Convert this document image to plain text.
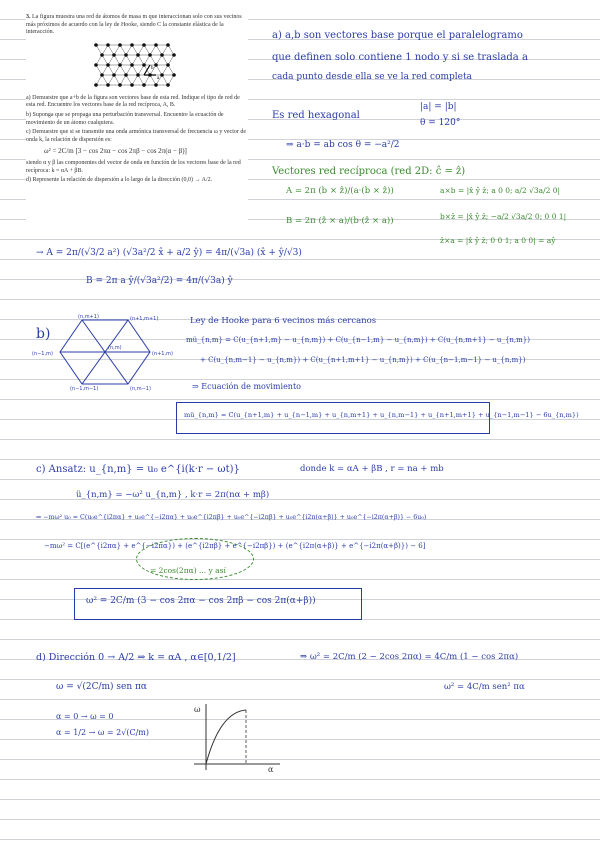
3. La figura muestra una red de átomos de masa m que interaccionan solo con sus vecinos más próximos de acuerdo con la ley de Hooke, siendo C la constante elástica de la interacción.

a
b

a) Demuestre que a+b de la figura son vectores base de esta red. Indique el tipo de red de esta red. Encuentre los vectores base de la red recíproca, A, B.

b) Suponga que se propaga una perturbación transversal. Encuentre la ecuación de movimiento de un átomo cualquiera.

c) Demuestre que si se transmite una onda armónica transversal de frecuencia ω y vector de onda k, la relación de dispersión es:

ω² = 2C/m [3 − cos 2πα − cos 2πβ − cos 2π(α − β)]

siendo α y β las componentes del vector de onda en función de los vectores base de la red recíproca: k = αA + βB.

d) Represente la relación de dispersión a lo largo de la dirección (0,0) → A/2.

a) a,b son vectores base porque el paralelogramo
que definen solo contiene 1 nodo y si se traslada a
cada punto desde ella se ve la red completa
Es red hexagonal
|a| = |b|
θ = 120°
⇒ a·b = ab cos θ = −a²/2
Vectores red recíproca (red 2D: ĉ = ẑ)
A = 2π (b × ẑ)/(a·(b × ẑ))
B = 2π (ẑ × a)/(b·(ẑ × a))
a×b = |x̂ ŷ ẑ; a 0 0; a/2 √3a/2 0|
b×ẑ = |x̂ ŷ ẑ; −a/2 √3a/2 0; 0 0 1|
ẑ×a = |x̂ ŷ ẑ; 0 0 1; a 0 0| = aŷ
→ A = 2π/(√3/2 a²) (√3a²/2 x̂ + a/2 ŷ) = 4π/(√3a) (x̂ + ŷ/√3)
B = 2π a ŷ/(√3a²/2) = 4π/(√3a) ŷ
b)
(n−1,m)	(n+1,m)
(n+1,m+1)
(n,m+1)
(n,m−1)
(n−1,m−1)
(n,m)
Ley de Hooke para 6 vecinos más cercanos
mü_{n,m} = C(u_{n+1,m} − u_{n,m}) + C(u_{n−1,m} − u_{n,m}) + C(u_{n,m+1} − u_{n,m})
+ C(u_{n,m−1} − u_{n,m}) + C(u_{n+1,m+1} − u_{n,m}) + C(u_{n−1,m−1} − u_{n,m})
⇒ Ecuación de movimiento
mü_{n,m} = C(u_{n+1,m} + u_{n−1,m} + u_{n,m+1} + u_{n,m−1} + u_{n+1,m+1} + u_{n−1,m−1} − 6u_{n,m})
c) Ansatz: u_{n,m} = u₀ e^{i(k·r − ωt)}	donde k = αA + βB , r = na + mb
ü_{n,m} = −ω² u_{n,m} , k·r = 2π(nα + mβ)
⇒ −mω² u₀ = C(u₀e^{i2πα} + u₀e^{−i2πα} + u₀e^{i2πβ} + u₀e^{−i2πβ} + u₀e^{i2π(α+β)} + u₀e^{−i2π(α+β)} − 6u₀)
−mω² = C[(e^{i2πα} + e^{−i2πα}) + (e^{i2πβ} + e^{−i2πβ}) + (e^{i2π(α+β)} + e^{−i2π(α+β)}) − 6]
= 2cos(2πα) ... y así
ω² = 2C/m (3 − cos 2πα − cos 2πβ − cos 2π(α+β))
d) Dirección 0 → A/2 ⇒ k = αA , α∈[0,1/2]	⇒ ω² = 2C/m (2 − 2cos 2πα) = 4C/m (1 − cos 2πα)
ω = √(2C/m) sen πα	ω² = 4C/m sen² πα
α = 0 → ω = 0
α = 1/2 → ω = 2√(C/m)
ω
α
